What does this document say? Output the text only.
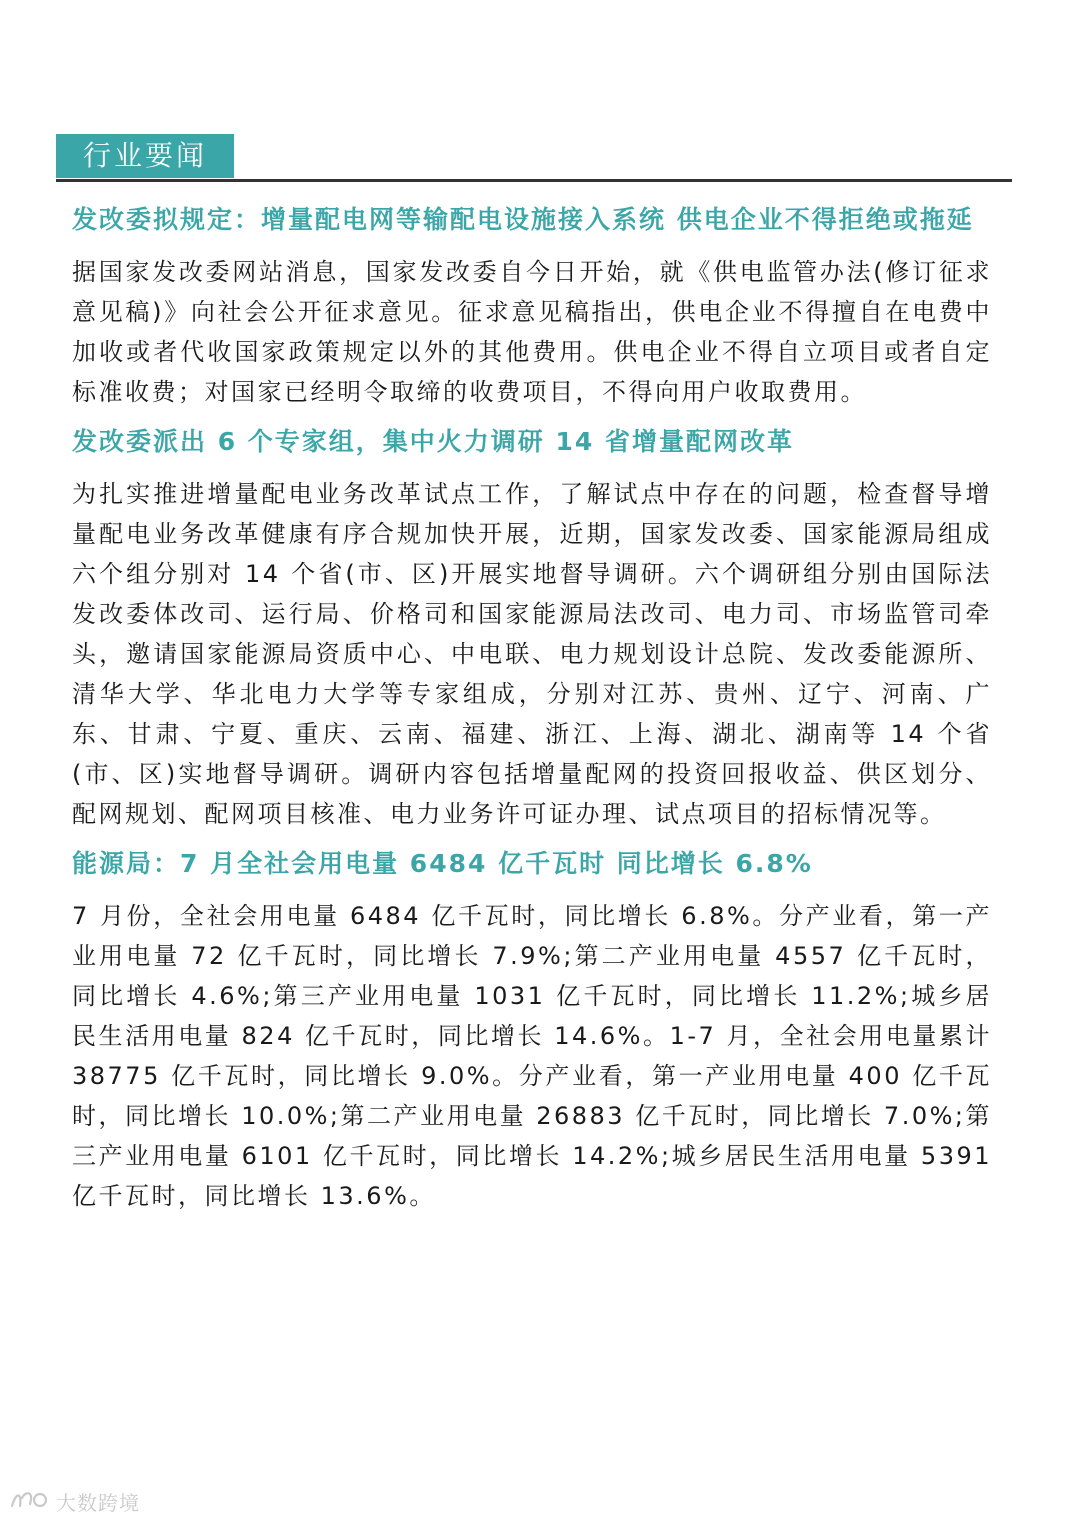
行业要闻
发改委拟规定：增量配电网等输配电设施接入系统 供电企业不得拒绝或拖延
据国家发改委网站消息，国家发改委自今日开始，就《供电监管办法(修订征求意见稿)》向社会公开征求意见。征求意见稿指出，供电企业不得擅自在电费中加收或者代收国家政策规定以外的其他费用。供电企业不得自立项目或者自定标准收费；对国家已经明令取缔的收费项目，不得向用户收取费用。
发改委派出 6 个专家组，集中火力调研 14 省增量配网改革
为扎实推进增量配电业务改革试点工作，了解试点中存在的问题，检查督导增量配电业务改革健康有序合规加快开展，近期，国家发改委、国家能源局组成六个组分别对 14 个省(市、区)开展实地督导调研。六个调研组分别由国际法发改委体改司、运行局、价格司和国家能源局法改司、电力司、市场监管司牵头，邀请国家能源局资质中心、中电联、电力规划设计总院、发改委能源所、清华大学、华北电力大学等专家组成，分别对江苏、贵州、辽宁、河南、广东、甘肃、宁夏、重庆、云南、福建、浙江、上海、湖北、湖南等 14 个省(市、区)实地督导调研。调研内容包括增量配网的投资回报收益、供区划分、配网规划、配网项目核准、电力业务许可证办理、试点项目的招标情况等。
能源局：7 月全社会用电量 6484 亿千瓦时 同比增长 6.8%
7 月份，全社会用电量 6484 亿千瓦时，同比增长 6.8%。分产业看，第一产业用电量 72 亿千瓦时，同比增长 7.9%;第二产业用电量 4557 亿千瓦时，同比增长 4.6%;第三产业用电量 1031 亿千瓦时，同比增长 11.2%;城乡居民生活用电量 824 亿千瓦时，同比增长 14.6%。1-7 月，全社会用电量累计 38775 亿千瓦时，同比增长 9.0%。分产业看，第一产业用电量 400 亿千瓦时，同比增长 10.0%;第二产业用电量 26883 亿千瓦时，同比增长 7.0%;第三产业用电量 6101 亿千瓦时，同比增长 14.2%;城乡居民生活用电量 5391 亿千瓦时，同比增长 13.6%。
大数跨境
